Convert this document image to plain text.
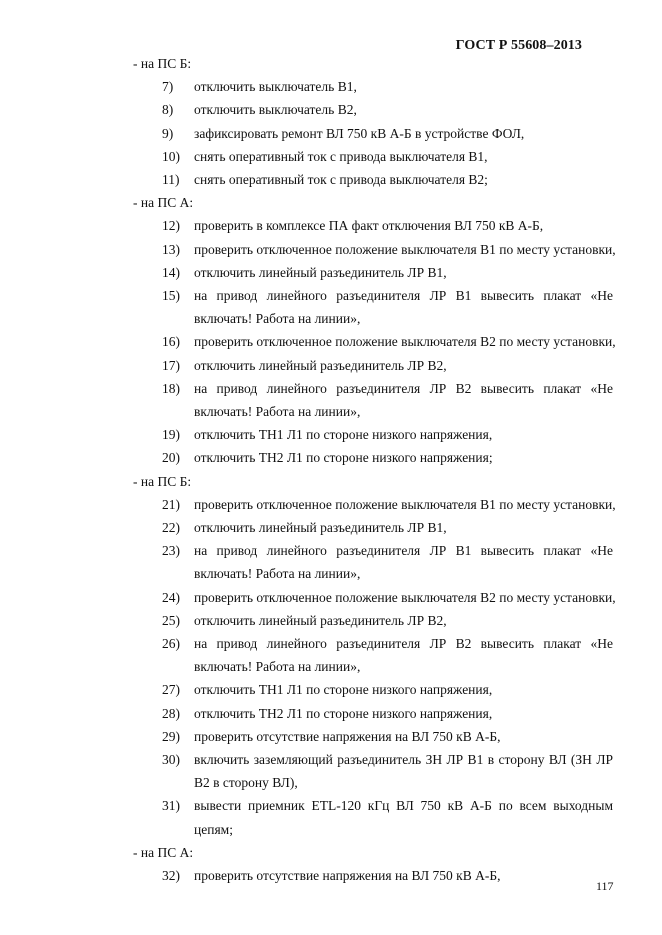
ГОСТ Р 55608–2013
- на ПС Б:
7)	отключить выключатель В1,
8)	отключить выключатель В2,
9)	зафиксировать ремонт ВЛ 750 кВ А-Б в устройстве ФОЛ,
10)	снять оперативный ток с привода выключателя В1,
11)	снять оперативный ток с привода выключателя В2;
- на ПС А:
12)	проверить в комплексе ПА факт отключения ВЛ 750 кВ А-Б,
13)	проверить отключенное положение выключателя В1 по месту установки,
14)	отключить линейный разъединитель ЛР В1,
15)	на привод линейного разъединителя ЛР В1 вывесить плакат «Не
включать! Работа на линии»,
16)	проверить отключенное положение выключателя В2 по месту установки,
17)	отключить линейный разъединитель ЛР В2,
18)	на привод линейного разъединителя ЛР В2 вывесить плакат «Не
включать! Работа на линии»,
19)	отключить ТН1 Л1 по стороне низкого напряжения,
20)	отключить ТН2 Л1 по стороне низкого напряжения;
- на ПС Б:
21)	проверить отключенное положение выключателя В1 по месту установки,
22)	отключить линейный разъединитель ЛР В1,
23)	на привод линейного разъединителя ЛР В1 вывесить плакат «Не
включать! Работа на линии»,
24)	проверить отключенное положение выключателя В2 по месту установки,
25)	отключить линейный разъединитель ЛР В2,
26)	на привод линейного разъединителя ЛР В2 вывесить плакат «Не
включать! Работа на линии»,
27)	отключить ТН1 Л1 по стороне низкого напряжения,
28)	отключить ТН2 Л1 по стороне низкого напряжения,
29)	проверить отсутствие напряжения на ВЛ 750 кВ А-Б,
30)	включить заземляющий разъединитель ЗН ЛР В1 в сторону ВЛ (ЗН ЛР
В2 в сторону ВЛ),
31)	вывести приемник ETL-120 кГц ВЛ 750 кВ А-Б по всем выходным
цепям;
- на ПС А:
32)	проверить отсутствие напряжения на ВЛ 750 кВ А-Б,
117
